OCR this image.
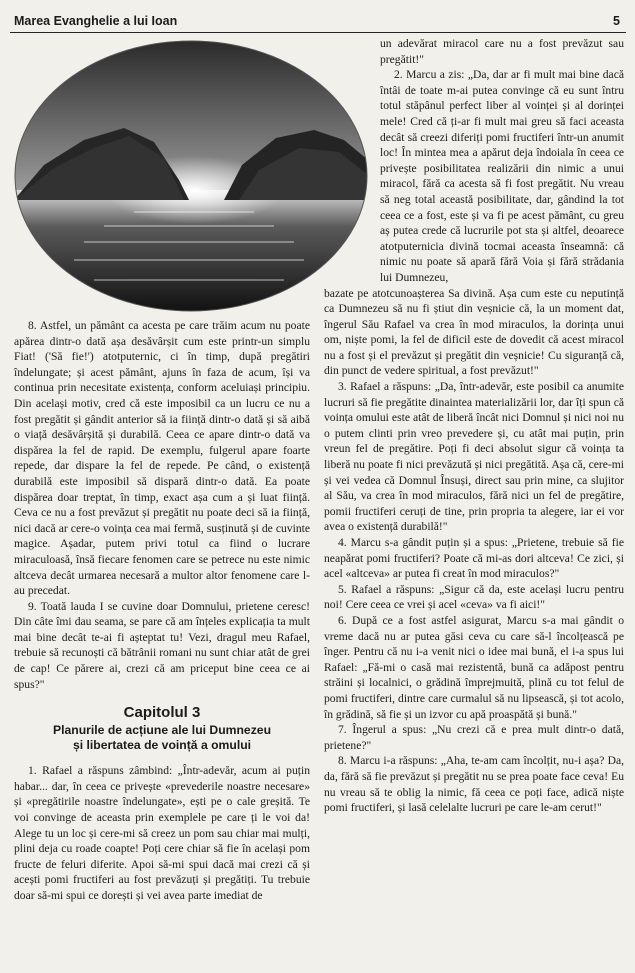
Marea Evanghelie a lui Ioan	5

8. Astfel, un pământ ca acesta pe care trăim acum nu poate apărea dintr-o dată așa desăvârșit cum este printr-un simplu Fiat! ('Să fie!') atotputernic, ci în timp, după pregătiri îndelungate; și acest pământ, ajuns în faza de acum, își va continua prin necesitate existența, conform aceluiași principiu. Din același motiv, cred că este imposibil ca un lucru ce nu a fost pregătit și gândit anterior să ia ființă dintr-o dată și să aibă o viață desăvârșită și durabilă. Ceea ce apare dintr-o dată va dispărea la fel de rapid. De exemplu, fulgerul apare foarte repede, dar dispare la fel de repede. Pe când, o existență durabilă este imposibil să dispară dintr-o dată. Ea poate dispărea doar treptat, în timp, exact așa cum a și luat ființă. Ceva ce nu a fost prevăzut și pregătit nu poate deci să ia ființă, nici dacă ar cere-o voința cea mai fermă, susținută și de cuvinte magice. Așadar, putem privi totul ca fiind o lucrare miraculoasă, însă fiecare fenomen care se petrece nu este nimic altceva decât urmarea necesară a multor altor fenomene care l-au precedat.

9. Toată lauda I se cuvine doar Domnului, prietene ceresc! Din câte îmi dau seama, se pare că am înțeles explicația ta mult mai bine decât te-ai fi așteptat tu! Vezi, dragul meu Rafael, trebuie să recunoști că bătrânii romani nu sunt chiar atât de grei de cap! Ce părere ai, crezi că am priceput bine ceea ce ai spus?"

Capitolul 3
Planurile de acțiune ale lui Dumnezeu
și libertatea de voință a omului

1. Rafael a răspuns zâmbind: „Într-adevăr, acum ai puțin habar... dar, în ceea ce privește «prevederile noastre necesare» și «pregătirile noastre îndelungate», ești pe o cale greșită. Te voi convinge de aceasta prin exemplele pe care ți le voi da! Alege tu un loc și cere-mi să creez un pom sau chiar mai mulți, plini deja cu roade coapte! Poți cere chiar să fie în același pom fructe de feluri diferite. Apoi să-mi spui dacă mai crezi că și acești pomi fructiferi au fost prevăzuți și pregătiți. Tu trebuie doar să-mi spui ce dorești și vei avea parte imediat de

un adevărat miracol care nu a fost prevăzut sau pregătit!"

2. Marcu a zis: „Da, dar ar fi mult mai bine dacă întâi de toate m-ai putea convinge că eu sunt întru totul stăpânul perfect liber al voinței și al dorinței mele! Cred că ți-ar fi mult mai greu să faci aceasta decât să creezi diferiți pomi fructiferi într-un anumit loc! În mintea mea a apărut deja îndoiala în ceea ce privește posibilitatea realizării din nimic a unui miracol, fără ca acesta să fi fost pregătit. Nu vreau să neg total această posibilitate, dar, gândind la tot ceea ce a fost, este și va fi pe acest pământ, cu greu aș putea crede că lucrurile pot sta și altfel, deoarece atotputernicia divină tocmai aceasta înseamnă: că nimic nu poate să apară fără Voia și fără strădania lui Dumnezeu,

bazate pe atotcunoașterea Sa divină. Așa cum este cu neputință ca Dumnezeu să nu fi știut din veșnicie că, la un moment dat, îngerul Său Rafael va crea în mod miraculos, la dorința unui om, niște pomi, la fel de dificil este de dovedit că acest miracol nu a fost și el prevăzut și pregătit din veșnicie! Cu siguranță că, din punct de vedere spiritual, a fost prevăzut!"

3. Rafael a răspuns: „Da, într-adevăr, este posibil ca anumite lucruri să fie pregătite dinaintea materializării lor, dar îți spun că voința omului este atât de liberă încât nici Domnul și nici noi nu o putem clinti prin vreo prevedere și, cu atât mai puțin, prin vreun fel de pregătire. Poți fi deci absolut sigur că voința ta liberă nu poate fi nici prevăzută și nici pregătită. Așa că, cere-mi și vei vedea că Domnul Însuși, direct sau prin mine, ca slujitor al Său, va crea în mod miraculos, fără nici un fel de pregătire, pomii fructiferi ceruți de tine, prin propria ta alegere, iar ei vor avea o existență durabilă!"

4. Marcu s-a gândit puțin și a spus: „Prietene, trebuie să fie neapărat pomi fructiferi? Poate că mi-as dori altceva! Ce zici, și acel «altceva» ar putea fi creat în mod miraculos?"

5. Rafael a răspuns: „Sigur că da, este același lucru pentru noi! Cere ceea ce vrei și acel «ceva» va fi aici!"

6. După ce a fost astfel asigurat, Marcu s-a mai gândit o vreme dacă nu ar putea găsi ceva cu care să-l încolțească pe înger. Pentru că nu i-a venit nici o idee mai bună, el i-a spus lui Rafael: „Fă-mi o casă mai rezistentă, bună ca adăpost pentru străini și localnici, o grădină împrejmuită, plină cu tot felul de pomi fructiferi, dintre care curmalul să nu lipsească, și tot acolo, în grădină, să fie și un izvor cu apă proaspătă și bună."

7. Îngerul a spus: „Nu crezi că e prea mult dintr-o dată, prietene?"

8. Marcu i-a răspuns: „Aha, te-am cam încolțit, nu-i așa? Da, da, fără să fie prevăzut și pregătit nu se prea poate face ceva! Eu nu vreau să te oblig la nimic, fă ceea ce poți face, adică niște pomi fructiferi, și lasă celelalte lucruri pe care le-am cerut!"
